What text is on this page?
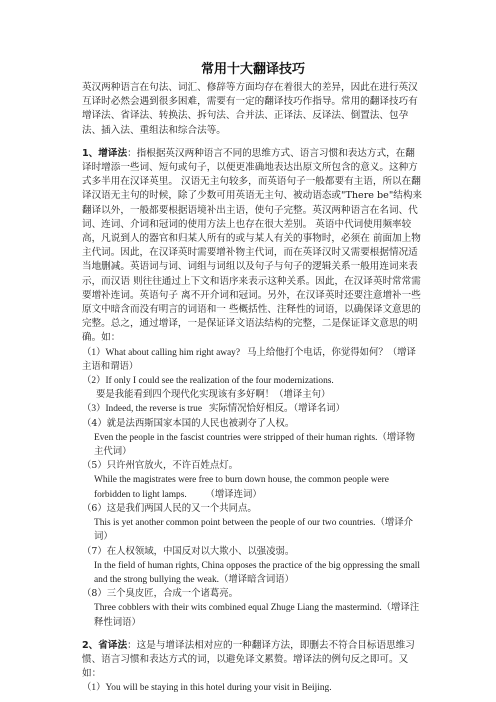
常用十大翻译技巧

英汉两种语言在句法、词汇、修辞等方面均存在着很大的差异，因此在进行英汉互译时必然会遇到很多困难，需要有一定的翻译技巧作指导。常用的翻译技巧有增译法、省译法、转换法、拆句法、合并法、正译法、反译法、倒置法、包孕法、插入法、重组法和综合法等。

1、增译法：指根据英汉两种语言不同的思维方式、语言习惯和表达方式，在翻译时增添一些词、短句或句子，以便更准确地表达出原文所包含的意义。这种方式多半用在汉译英里。 汉语无主句较多，而英语句子一般都要有主语，所以在翻译汉语无主句的时候，除了少数可用英语无主句、被动语态或"There be"结构来翻译以外，一般都要根据语境补出主语，使句子完整。英汉两种语言在名词、代词、连词、介词和冠词的使用方法上也存在很大差别。 英语中代词使用频率较高，凡说到人的器官和归某人所有的或与某人有关的事物时，必须在 前面加上物主代词。因此，在汉译英时需要增补物主代词，而在英译汉时又需要根据情况适 当地删减。英语词与词、词组与词组以及句子与句子的逻辑关系一般用连词来表示，而汉语 则往往通过上下文和语序来表示这种关系。因此，在汉译英时常常需要增补连词。英语句子 离不开介词和冠词。另外，在汉译英时还要注意增补一些原文中暗含而没有明言的词语和一 些概括性、注释性的词语，以确保译文意思的完整。总之，通过增译，一是保证译文语法结构的完整，二是保证译文意思的明确。如：

（1）What about calling him right away? 马上给他打个电话，你觉得如何？（增译主语和谓语）

（2）If only I could see the realization of the four modernizations.

要是我能看到四个现代化实现该有多好啊！（增译主句）

（3）Indeed, the reverse is true 实际情况恰好相反。（增译名词）

（4）就是法西斯国家本国的人民也被剥夺了人权。

Even the people in the fascist countries were stripped of their human rights.（增译物主代词）

（5）只许州官放火，不许百姓点灯。

While the magistrates were free to burn down house, the common people were forbidden to light lamps. （增译连词）

（6）这是我们两国人民的又一个共同点。

This is yet another common point between the people of our two countries.（增译介词）

（7）在人权领域，中国反对以大欺小、以强凌弱。

In the field of human rights, China opposes the practice of the big oppressing the small and the strong bullying the weak.（增译暗含词语）

（8）三个臭皮匠，合成一个诸葛亮。

Three cobblers with their wits combined equal Zhuge Liang the mastermind.（增译注释性词语）

2、省译法：这是与增译法相对应的一种翻译方法，即删去不符合目标语思维习惯、语言习惯和表达方式的词，以避免译文累赘。增译法的例句反之即可。又如：

（1）You will be staying in this hotel during your visit in Beijing.
